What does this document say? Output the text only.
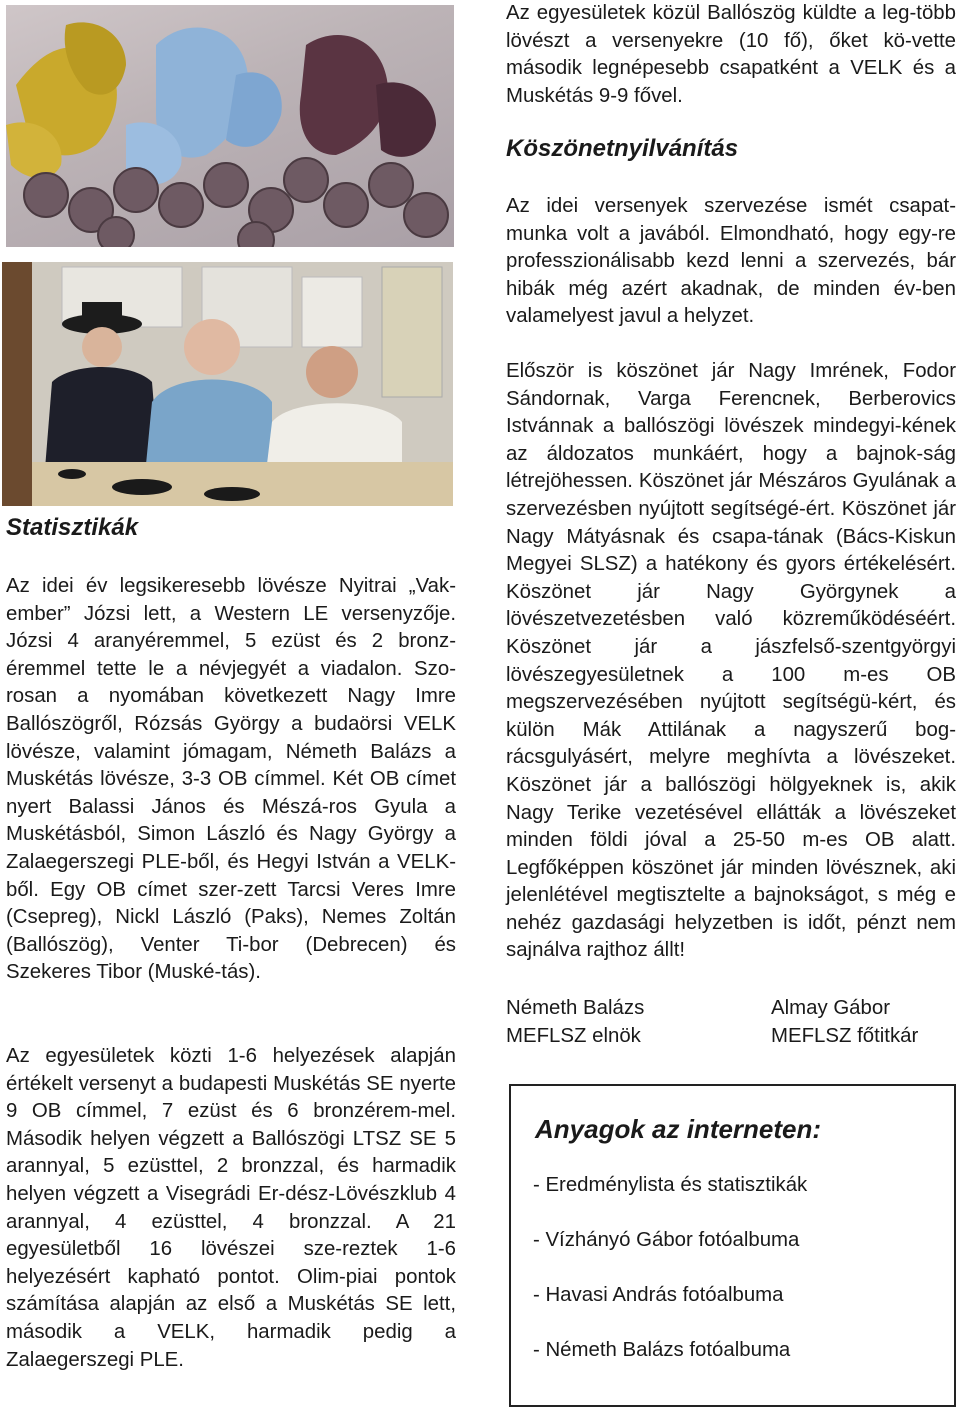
Statisztikák

Az idei év legsikeresebb lövésze Nyitrai „Vak-ember” Józsi lett, a Western LE versenyzője. Józsi 4 aranyéremmel, 5 ezüst és 2 bronz-éremmel tette le a névjegyét a viadalon. Szo-rosan a nyomában következett Nagy Imre Ballószögről, Rózsás György a budaörsi VELK lövésze, valamint jómagam, Németh Balázs a Muskétás lövésze, 3-3 OB címmel. Két OB címet nyert Balassi János és Mészá-ros Gyula a Muskétásból, Simon László és Nagy György a Zalaegerszegi PLE-ből, és Hegyi István a VELK-ből. Egy OB címet szer-zett Tarcsi Veres Imre (Csepreg), Nickl László (Paks), Nemes Zoltán (Ballószög), Venter Ti-bor (Debrecen) és Szekeres Tibor (Muské-tás).

Az egyesületek közti 1-6 helyezések alapján értékelt versenyt a budapesti Muskétás SE nyerte 9 OB címmel, 7 ezüst és 6 bronzérem-mel. Második helyen végzett a Ballószögi LTSZ SE 5 arannyal, 5 ezüsttel, 2 bronzzal, és harmadik helyen végzett a Visegrádi Er-dész-Lövészklub 4 arannyal, 4 ezüsttel, 4 bronzzal. A 21 egyesületből 16 lövészei sze-reztek 1-6 helyezésért kapható pontot. Olim-piai pontok számítása alapján az első a Muskétás SE lett, második a VELK, harmadik pedig a Zalaegerszegi PLE.

Az egyesületek közül Ballószög küldte a leg-több lövészt a versenyekre (10 fő), őket kö-vette második legnépesebb csapatként a VELK és a Muskétás 9-9 fővel.

Köszönetnyilvánítás

Az idei versenyek szervezése ismét csapat-munka volt a javából. Elmondható, hogy egy-re professzionálisabb kezd lenni a szervezés, bár hibák még azért akadnak, de minden év-ben valamelyest javul a helyzet.

Először is köszönet jár Nagy Imrének, Fodor Sándornak, Varga Ferencnek, Berberovics Istvánnak a ballószögi lövészek mindegyi-kének az áldozatos munkáért, hogy a bajnok-ság létrejöhessen. Köszönet jár Mészáros Gyulának a szervezésben nyújtott segítségé-ért. Köszönet jár Nagy Mátyásnak és csapa-tának (Bács-Kiskun Megyei SLSZ) a hatékony és gyors értékelésért. Köszönet jár Nagy Györgynek a lövészetvezetésben való közreműködéséért. Köszönet jár a jászfelső-szentgyörgyi lövészegyesületnek a 100 m-es OB megszervezésében nyújtott segítségü-kért, és külön Mák Attilának a nagyszerű bog-rácsgulyásért, melyre meghívta a lövészeket. Köszönet jár a ballószögi hölgyeknek is, akik Nagy Terike vezetésével ellátták a lövészeket minden földi jóval a 25-50 m-es OB alatt. Legfőképpen köszönet jár minden lövésznek, aki jelenlétével megtisztelte a bajnokságot, s még e nehéz gazdasági helyzetben is időt, pénzt nem sajnálva rajthoz állt!

Németh Balázs
MEFLSZ elnök
Almay Gábor
MEFLSZ főtitkár
Anyagok az interneten:
- Eredménylista és statisztikák
- Vízhányó Gábor fotóalbuma
- Havasi András fotóalbuma
- Németh Balázs fotóalbuma
